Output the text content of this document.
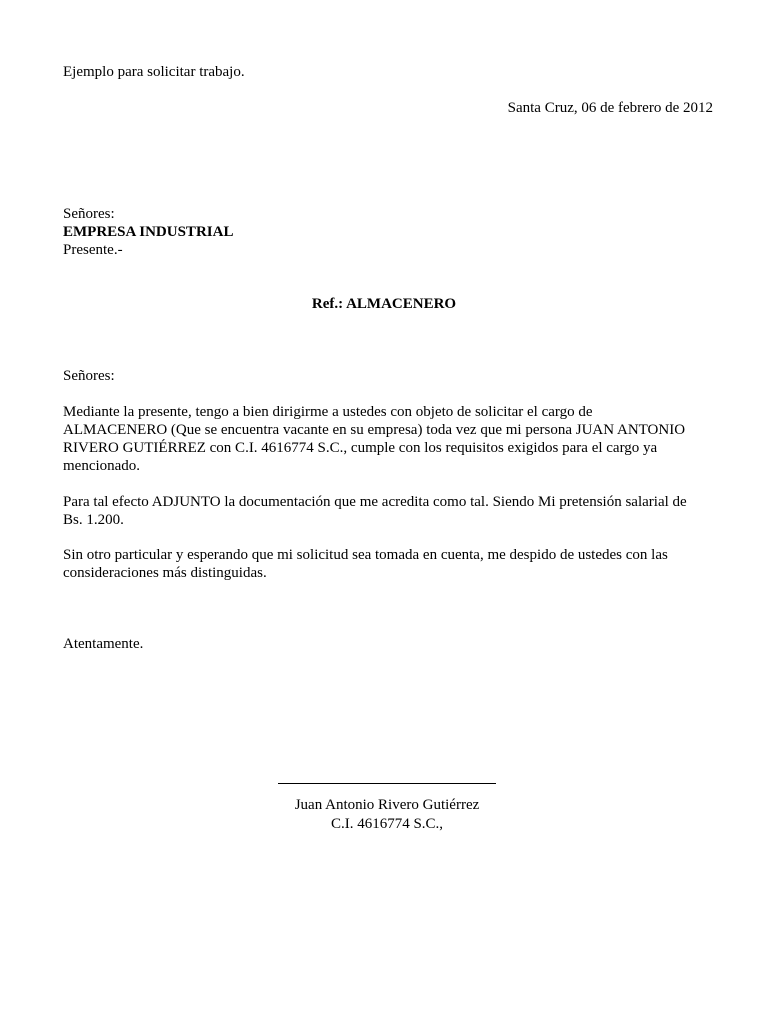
Ejemplo para solicitar trabajo.
Santa Cruz, 06 de febrero de 2012
Señores:
EMPRESA INDUSTRIAL
Presente.-
Ref.: ALMACENERO
Señores:
Mediante la presente, tengo a bien dirigirme a ustedes con objeto de solicitar el cargo de
ALMACENERO (Que se encuentra vacante en su empresa) toda vez que mi persona JUAN ANTONIO
RIVERO GUTIÉRREZ con C.I. 4616774 S.C., cumple con los requisitos exigidos para el cargo ya
mencionado.
Para tal efecto ADJUNTO la documentación que me acredita como tal. Siendo Mi pretensión salarial de
Bs. 1.200.
Sin otro particular y esperando que mi solicitud sea tomada en cuenta, me despido de ustedes con las
consideraciones más distinguidas.
Atentamente.
Juan Antonio Rivero Gutiérrez
C.I. 4616774 S.C.,
